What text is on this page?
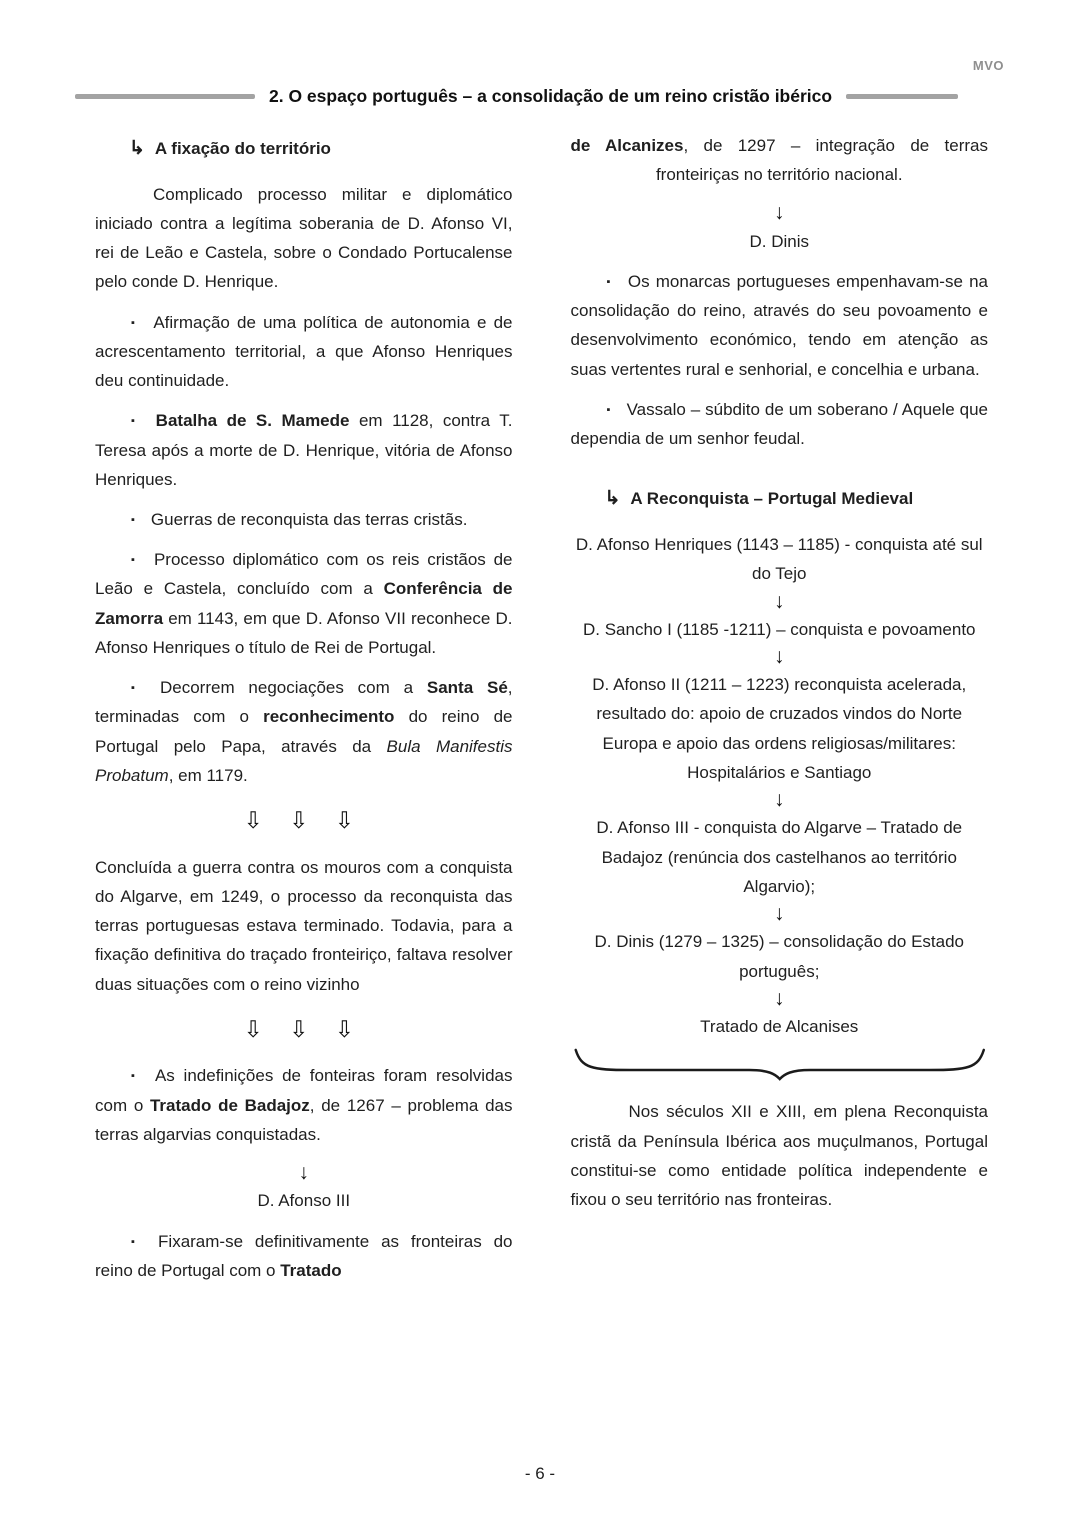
MVO
2. O espaço português – a consolidação de um reino cristão ibérico
↳ A fixação do território
Complicado processo militar e diplomático iniciado contra a legítima soberania de D. Afonso VI, rei de Leão e Castela, sobre o Condado Portucalense pelo conde D. Henrique.
▪ Afirmação de uma política de autonomia e de acrescentamento territorial, a que Afonso Henriques deu continuidade.
▪ Batalha de S. Mamede em 1128, contra T. Teresa após a morte de D. Henrique, vitória de Afonso Henriques.
▪ Guerras de reconquista das terras cristãs.
▪ Processo diplomático com os reis cristãos de Leão e Castela, concluído com a Conferência de Zamorra em 1143, em que D. Afonso VII reconhece D. Afonso Henriques o título de Rei de Portugal.
▪ Decorrem negociações com a Santa Sé, terminadas com o reconhecimento do reino de Portugal pelo Papa, através da Bula Manifestis Probatum, em 1179.
⇩ ⇩ ⇩
Concluída a guerra contra os mouros com a conquista do Algarve, em 1249, o processo da reconquista das terras portuguesas estava terminado. Todavia, para a fixação definitiva do traçado fronteiriço, faltava resolver duas situações com o reino vizinho
⇩ ⇩ ⇩
▪ As indefinições de fonteiras foram resolvidas com o Tratado de Badajoz, de 1267 – problema das terras algarvias conquistadas.
↓
D. Afonso III
▪ Fixaram-se definitivamente as fronteiras do reino de Portugal com o Tratado
de Alcanizes, de 1297 – integração de terras fronteiriças no território nacional.
↓
D. Dinis
▪ Os monarcas portugueses empenhavam-se na consolidação do reino, através do seu povoamento e desenvolvimento económico, tendo em atenção as suas vertentes rural e senhorial, e concelhia e urbana.
▪ Vassalo – súbdito de um soberano / Aquele que dependia de um senhor feudal.
↳ A Reconquista – Portugal Medieval
D. Afonso Henriques (1143 – 1185) - conquista até sul do Tejo
↓
D. Sancho I (1185 -1211) – conquista e povoamento
↓
D. Afonso II (1211 – 1223) reconquista acelerada, resultado do: apoio de cruzados vindos do Norte Europa e apoio das ordens religiosas/militares: Hospitalários e Santiago
↓
D. Afonso III - conquista do Algarve – Tratado de Badajoz (renúncia dos castelhanos ao território Algarvio);
↓
D. Dinis (1279 – 1325) – consolidação do Estado português;
↓
Tratado de Alcanises
Nos séculos XII e XIII, em plena Reconquista cristã da Península Ibérica aos muçulmanos, Portugal constitui-se como entidade política independente e fixou o seu território nas fronteiras.
- 6 -
